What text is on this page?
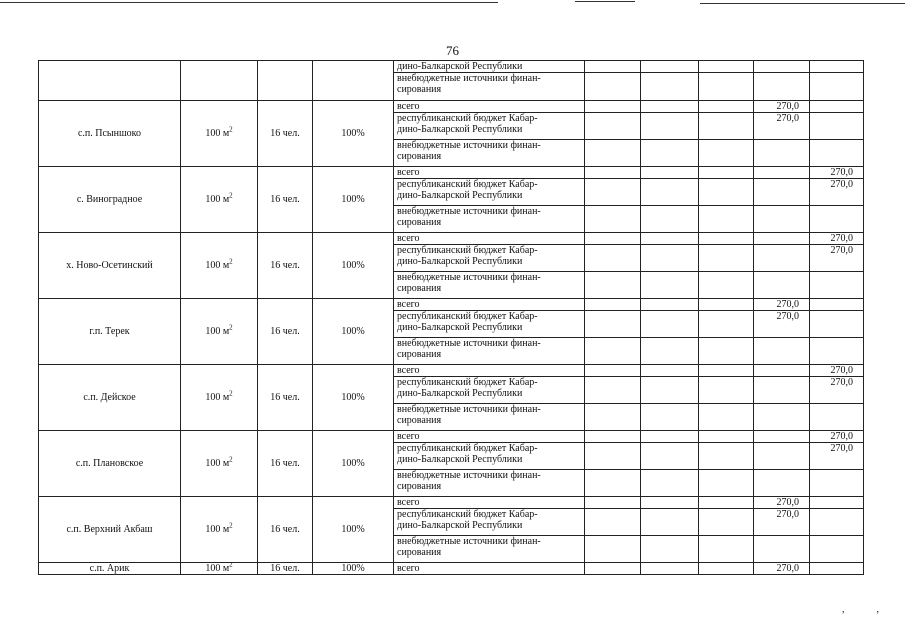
76
				дино-Балкарской Республики					
				внебюджетные источники финан-
сирования					
с.п. Псыншоко	100 $м^2$	16 чел.	100%	всего				270,0	
				республиканский бюджет Кабар-
дино-Балкарской Республики				270,0	
				внебюджетные источники финан-
сирования					
с. Виноградное	100 $м^2$	16 чел.	100%	всего					270,0
				республиканский бюджет Кабар-
дино-Балкарской Республики					270,0
				внебюджетные источники финан-
сирования					
х. Ново-Осетинский	100 $м^2$	16 чел.	100%	всего					270,0
				республиканский бюджет Кабар-
дино-Балкарской Республики					270,0
				внебюджетные источники финан-
сирования					
г.п. Терек	100 $м^2$	16 чел.	100%	всего				270,0	
				республиканский бюджет Кабар-
дино-Балкарской Республики				270,0	
				внебюджетные источники финан-
сирования					
с.п. Дейское	100 $м^2$	16 чел.	100%	всего					270,0
				республиканский бюджет Кабар-
дино-Балкарской Республики					270,0
				внебюджетные источники финан-
сирования					
с.п. Плановское	100 $м^2$	16 чел.	100%	всего					270,0
				республиканский бюджет Кабар-
дино-Балкарской Республики					270,0
				внебюджетные источники финан-
сирования					
с.п. Верхний Акбаш	100 $м^2$	16 чел.	100%	всего				270,0	
				республиканский бюджет Кабар-
дино-Балкарской Республики				270,0	
				внебюджетные источники финан-
сирования					
с.п. Арик	100 $м^2$	16 чел.	100%	всего				270,0	
,	‚
